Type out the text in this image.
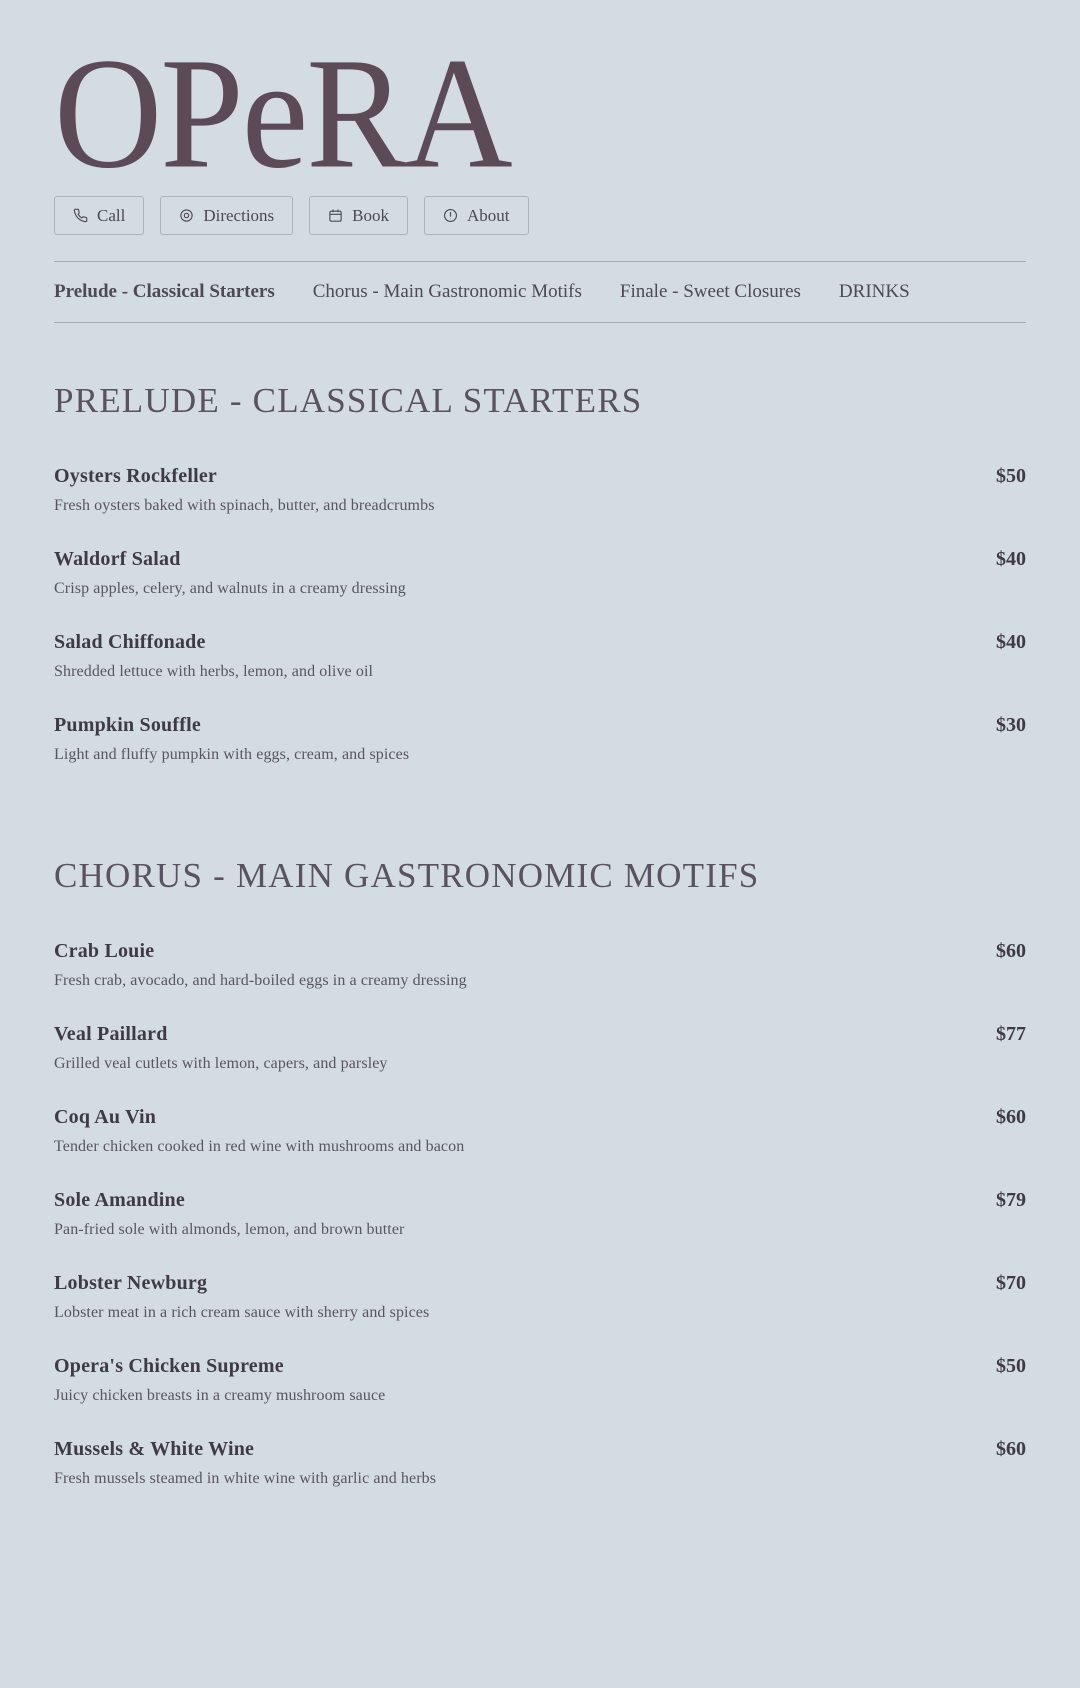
OPeRA
Call	Directions	Book	About
Prelude - Classical Starters	Chorus - Main Gastronomic Motifs	Finale - Sweet Closures	DRINKS
PRELUDE - CLASSICAL STARTERS
Oysters Rockfeller	$50
Fresh oysters baked with spinach, butter, and breadcrumbs
Waldorf Salad	$40
Crisp apples, celery, and walnuts in a creamy dressing
Salad Chiffonade	$40
Shredded lettuce with herbs, lemon, and olive oil
Pumpkin Souffle	$30
Light and fluffy pumpkin with eggs, cream, and spices
CHORUS - MAIN GASTRONOMIC MOTIFS
Crab Louie	$60
Fresh crab, avocado, and hard-boiled eggs in a creamy dressing
Veal Paillard	$77
Grilled veal cutlets with lemon, capers, and parsley
Coq Au Vin	$60
Tender chicken cooked in red wine with mushrooms and bacon
Sole Amandine	$79
Pan-fried sole with almonds, lemon, and brown butter
Lobster Newburg	$70
Lobster meat in a rich cream sauce with sherry and spices
Opera's Chicken Supreme	$50
Juicy chicken breasts in a creamy mushroom sauce
Mussels & White Wine	$60
Fresh mussels steamed in white wine with garlic and herbs
